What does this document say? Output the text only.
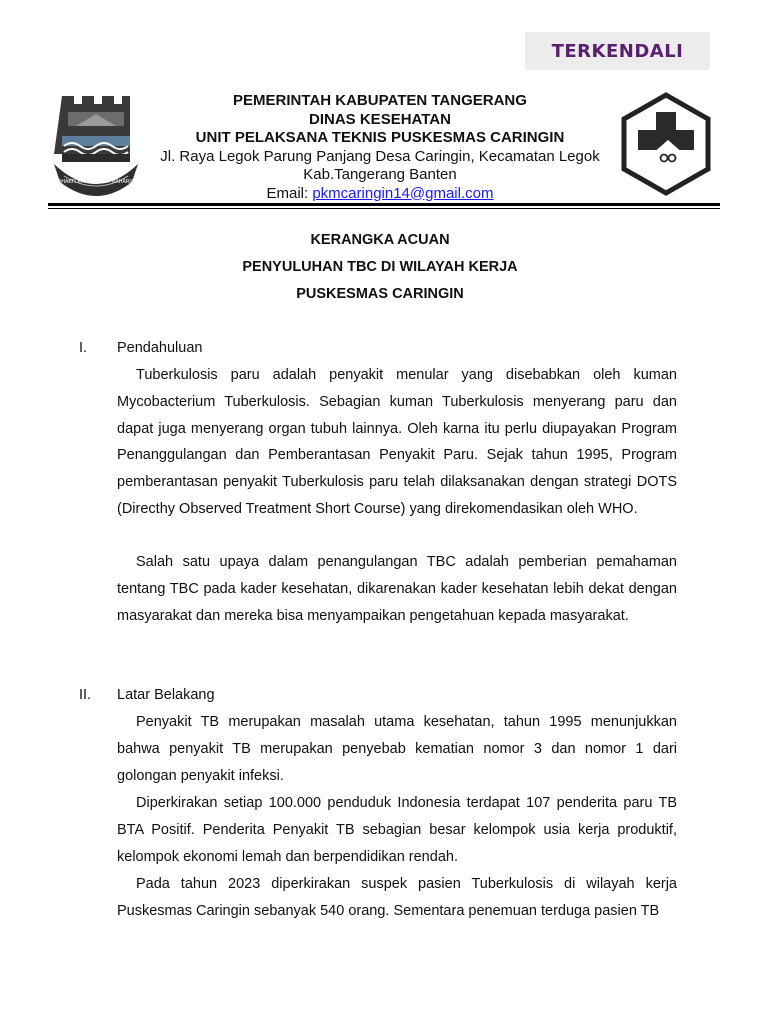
TERKENDALI
BHAKTI KARYA KERTA RAHARJA
PEMERINTAH KABUPATEN TANGERANG
DINAS KESEHATAN
UNIT PELAKSANA TEKNIS PUSKESMAS CARINGIN
Jl. Raya Legok Parung Panjang Desa Caringin, Kecamatan Legok
Kab.Tangerang Banten
Email: pkmcaringin14@gmail.com
KERANGKA ACUAN
PENYULUHAN TBC DI WILAYAH KERJA
PUSKESMAS CARINGIN
I. Pendahuluan

Tuberkulosis paru adalah penyakit menular yang disebabkan oleh kuman Mycobacterium Tuberkulosis. Sebagian kuman Tuberkulosis menyerang paru dan dapat juga menyerang organ tubuh lainnya. Oleh karna itu perlu diupayakan Program Penanggulangan dan Pemberantasan Penyakit Paru. Sejak tahun 1995, Program pemberantasan penyakit Tuberkulosis paru telah dilaksanakan dengan strategi DOTS (Directhy Observed Treatment Short Course) yang direkomendasikan oleh WHO.

Salah satu upaya dalam penangulangan TBC adalah pemberian pemahaman tentang TBC pada kader kesehatan, dikarenakan kader kesehatan lebih dekat dengan masyarakat dan mereka bisa menyampaikan pengetahuan kepada masyarakat.

II. Latar Belakang

Penyakit TB merupakan masalah utama kesehatan, tahun 1995 menunjukkan bahwa penyakit TB merupakan penyebab kematian nomor 3 dan nomor 1 dari golongan penyakit infeksi.

Diperkirakan setiap 100.000 penduduk Indonesia terdapat 107 penderita paru TB BTA Positif. Penderita Penyakit TB sebagian besar kelompok usia kerja produktif, kelompok ekonomi lemah dan berpendidikan rendah.

Pada tahun 2023 diperkirakan suspek pasien Tuberkulosis di wilayah kerja Puskesmas Caringin sebanyak 540 orang. Sementara penemuan terduga pasien TB
